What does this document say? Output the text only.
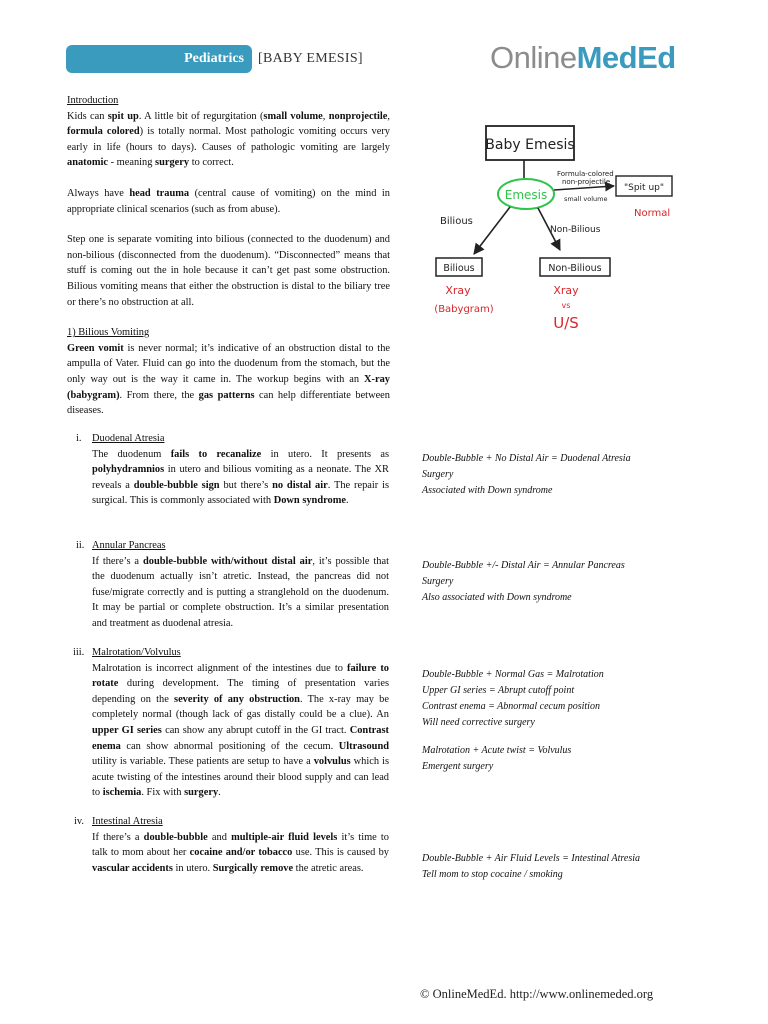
Pediatrics [BABY EMESIS]	OnlineMedEd
Introduction

Kids can spit up. A little bit of regurgitation (small volume, nonprojectile, formula colored) is totally normal. Most pathologic vomiting occurs very early in life (hours to days). Causes of pathologic vomiting are largely anatomic - meaning surgery to correct.

Always have head trauma (central cause of vomiting) on the mind in appropriate clinical scenarios (such as from abuse).

Step one is separate vomiting into bilious (connected to the duodenum) and non-bilious (disconnected from the duodenum). “Disconnected” means that stuff is coming out the in hole because it can’t get past some obstruction. Bilious vomiting means that either the obstruction is distal to the biliary tree or there’s no obstruction at all.

1) Bilious Vomiting

Green vomit is never normal; it’s indicative of an obstruction distal to the ampulla of Vater. Fluid can go into the duodenum from the stomach, but the only way out is the way it came in. The workup begins with an X-ray (babygram). From there, the gas patterns can help differentiate between diseases.

i. Duodenal Atresia

The duodenum fails to recanalize in utero. It presents as polyhydramnios in utero and bilious vomiting as a neonate. The XR reveals a double-bubble sign but there’s no distal air. The repair is surgical. This is commonly associated with Down syndrome.

ii. Annular Pancreas

If there’s a double-bubble with/without distal air, it’s possible that the duodenum actually isn’t atretic. Instead, the pancreas did not fuse/migrate correctly and is putting a stranglehold on the duodenum. It may be partial or complete obstruction. It’s a similar presentation and treatment as duodenal atresia.

iii. Malrotation/Volvulus

Malrotation is incorrect alignment of the intestines due to failure to rotate during development. The timing of presentation varies depending on the severity of any obstruction. The x-ray may be completely normal (though lack of gas distally could be a clue). An upper GI series can show any abrupt cutoff in the GI tract. Contrast enema can show abnormal positioning of the cecum. Ultrasound utility is variable. These patients are setup to have a volvulus which is acute twisting of the intestines around their blood supply and can lead to ischemia. Fix with surgery.

iv. Intestinal Atresia

If there’s a double-bubble and multiple-air fluid levels it’s time to talk to mom about her cocaine and/or tobacco use. This is caused by vascular accidents in utero. Surgically remove the atretic areas.

Double-Bubble + No Distal Air = Duodenal Atresia
Surgery
Associated with Down syndrome
Double-Bubble +/- Distal Air = Annular Pancreas
Surgery
Also associated with Down syndrome
Double-Bubble + Normal Gas = Malrotation
Upper GI series = Abrupt cutoff point
Contrast enema = Abnormal cecum position
Will need corrective surgery
Malrotation + Acute twist = Volvulus
Emergent surgery
Double-Bubble + Air Fluid Levels = Intestinal Atresia
Tell mom to stop cocaine / smoking
Baby Emesis
Emesis
Formula-colored
non-projectile
small volume
"Spit up"
Normal
Bilious
Non-Bilious
Bilious	Non-Bilious
Xray
(Babygram)
Xray
vs
U/S
© OnlineMedEd. http://www.onlinemeded.org
